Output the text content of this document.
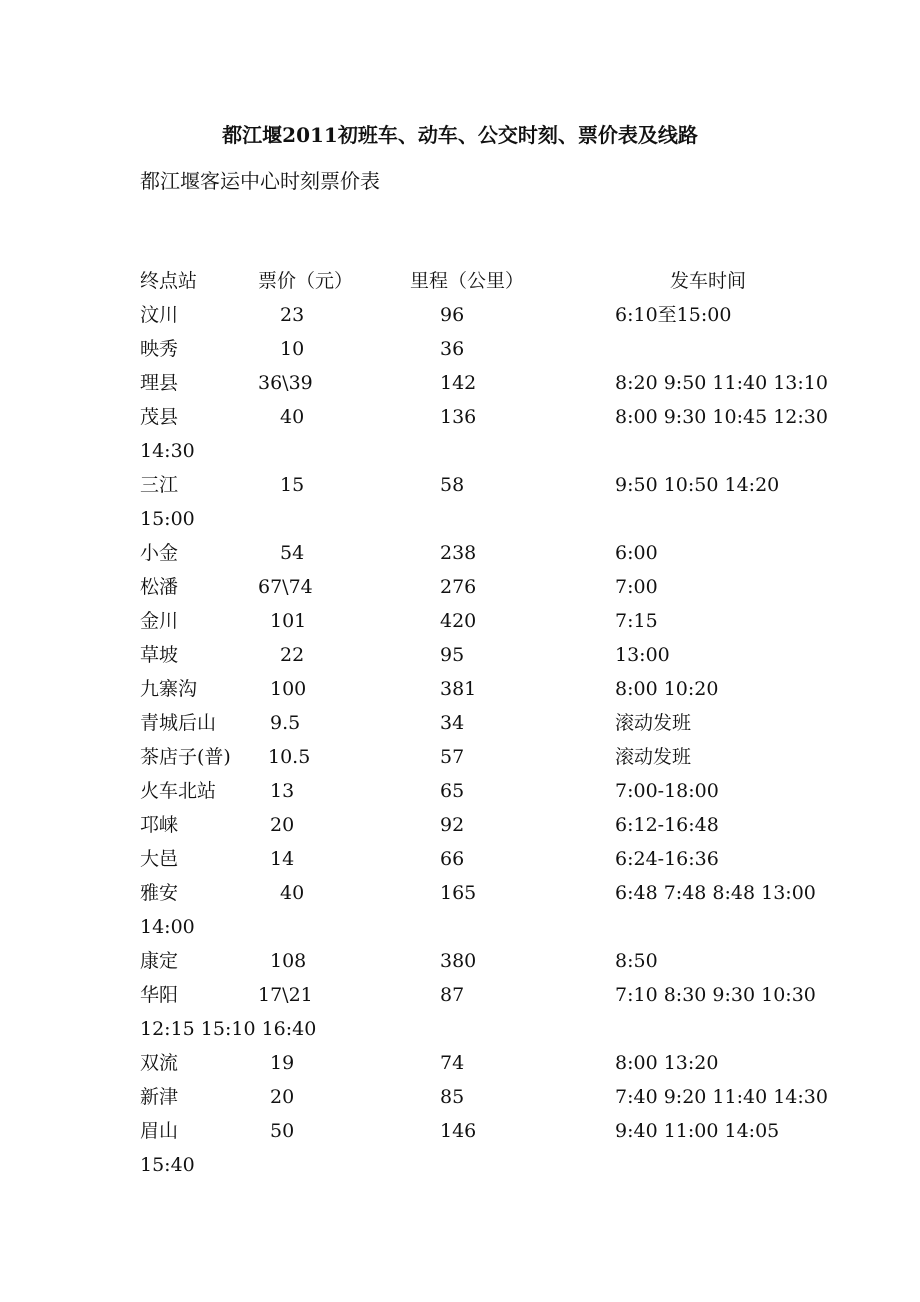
都江堰2011初班车、动车、公交时刻、票价表及线路
都江堰客运中心时刻票价表
终点站	票价（元）	里程（公里）	发车时间
汶川	23	96	6:10至15:00
映秀	10	36
理县	36\39	142	8:20 9:50 11:40 13:10
茂县	40	136	8:00 9:30 10:45 12:30
14:30
三江	15	58	9:50 10:50 14:20
15:00
小金	54	238	6:00
松潘	67\74	276	7:00
金川	101	420	7:15
草坡	22	95	13:00
九寨沟	100	381	8:00 10:20
青城后山	9.5	34	滚动发班
茶店子(普) 10.5	57	滚动发班
火车北站	13	65	7:00-18:00
邛崃	20	92	6:12-16:48
大邑	14	66	6:24-16:36
雅安	40	165	6:48 7:48 8:48 13:00
14:00
康定	108	380	8:50
华阳	17\21	87	7:10 8:30 9:30 10:30
12:15 15:10 16:40
双流	19	74	8:00 13:20
新津	20	85	7:40 9:20 11:40 14:30
眉山	50	146	9:40 11:00 14:05
15:40
